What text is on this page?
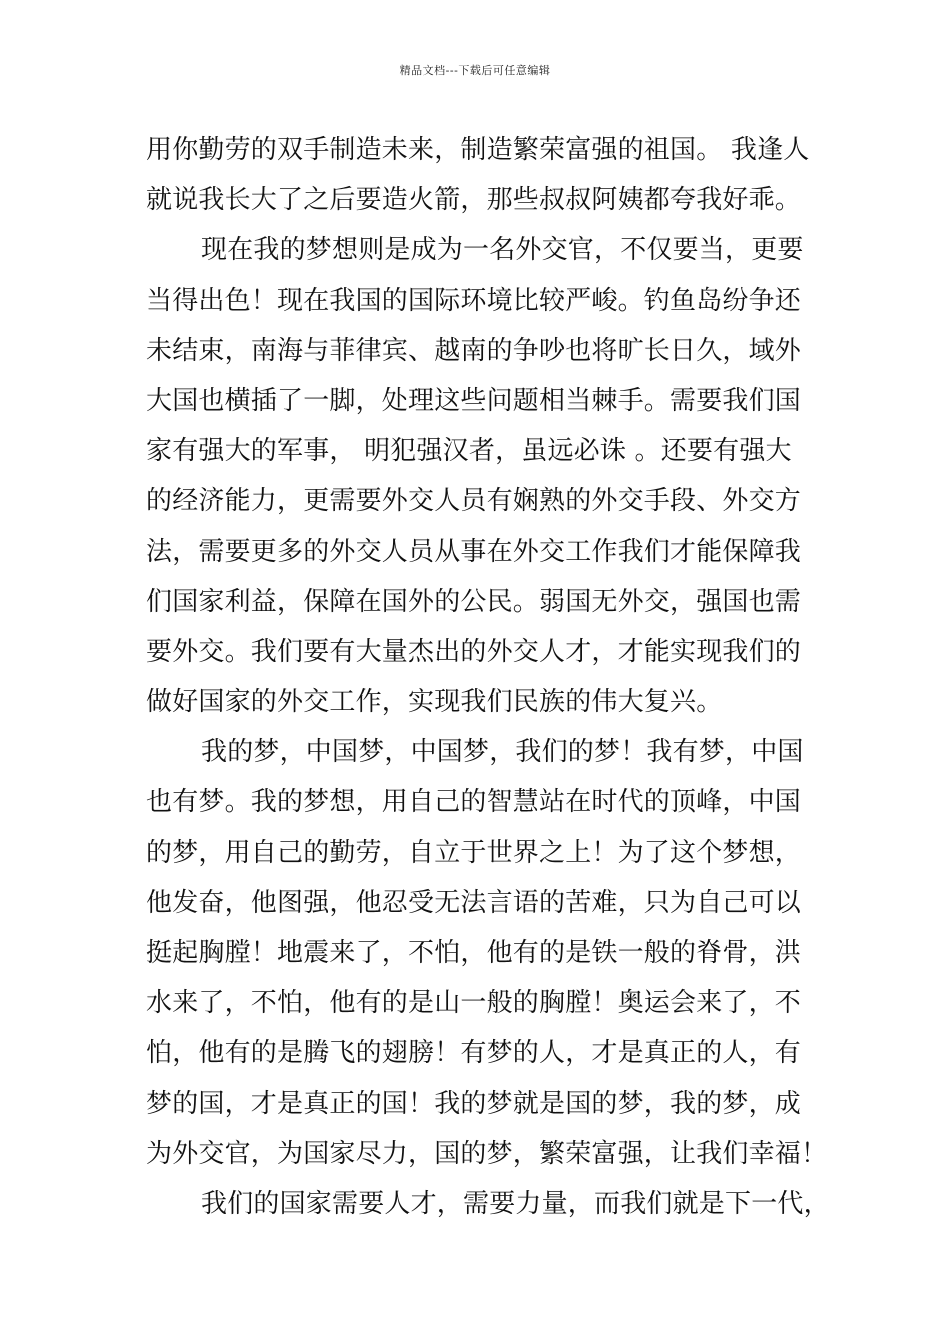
精品文档---下载后可任意编辑
用你勤劳的双手制造未来，制造繁荣富强的祖国。 我逢人
就说我长大了之后要造火箭，那些叔叔阿姨都夸我好乖。
现在我的梦想则是成为一名外交官，不仅要当，更要
当得出色！现在我国的国际环境比较严峻。钓鱼岛纷争还
未结束，南海与菲律宾、越南的争吵也将旷长日久，域外
大国也横插了一脚，处理这些问题相当棘手。需要我们国
家有强大的军事， 明犯强汉者，虽远必诛 。还要有强大
的经济能力，更需要外交人员有娴熟的外交手段、外交方
法，需要更多的外交人员从事在外交工作我们才能保障我
们国家利益，保障在国外的公民。弱国无外交，强国也需
要外交。我们要有大量杰出的外交人才，才能实现我们的
做好国家的外交工作，实现我们民族的伟大复兴。
我的梦，中国梦，中国梦，我们的梦！我有梦，中国
也有梦。我的梦想，用自己的智慧站在时代的顶峰，中国
的梦，用自己的勤劳，自立于世界之上！为了这个梦想，
他发奋，他图强，他忍受无法言语的苦难，只为自己可以
挺起胸膛！地震来了，不怕，他有的是铁一般的脊骨，洪
水来了，不怕，他有的是山一般的胸膛！奥运会来了，不
怕，他有的是腾飞的翅膀！有梦的人，才是真正的人，有
梦的国，才是真正的国！我的梦就是国的梦，我的梦，成
为外交官，为国家尽力，国的梦，繁荣富强，让我们幸福！
我们的国家需要人才，需要力量，而我们就是下一代，
